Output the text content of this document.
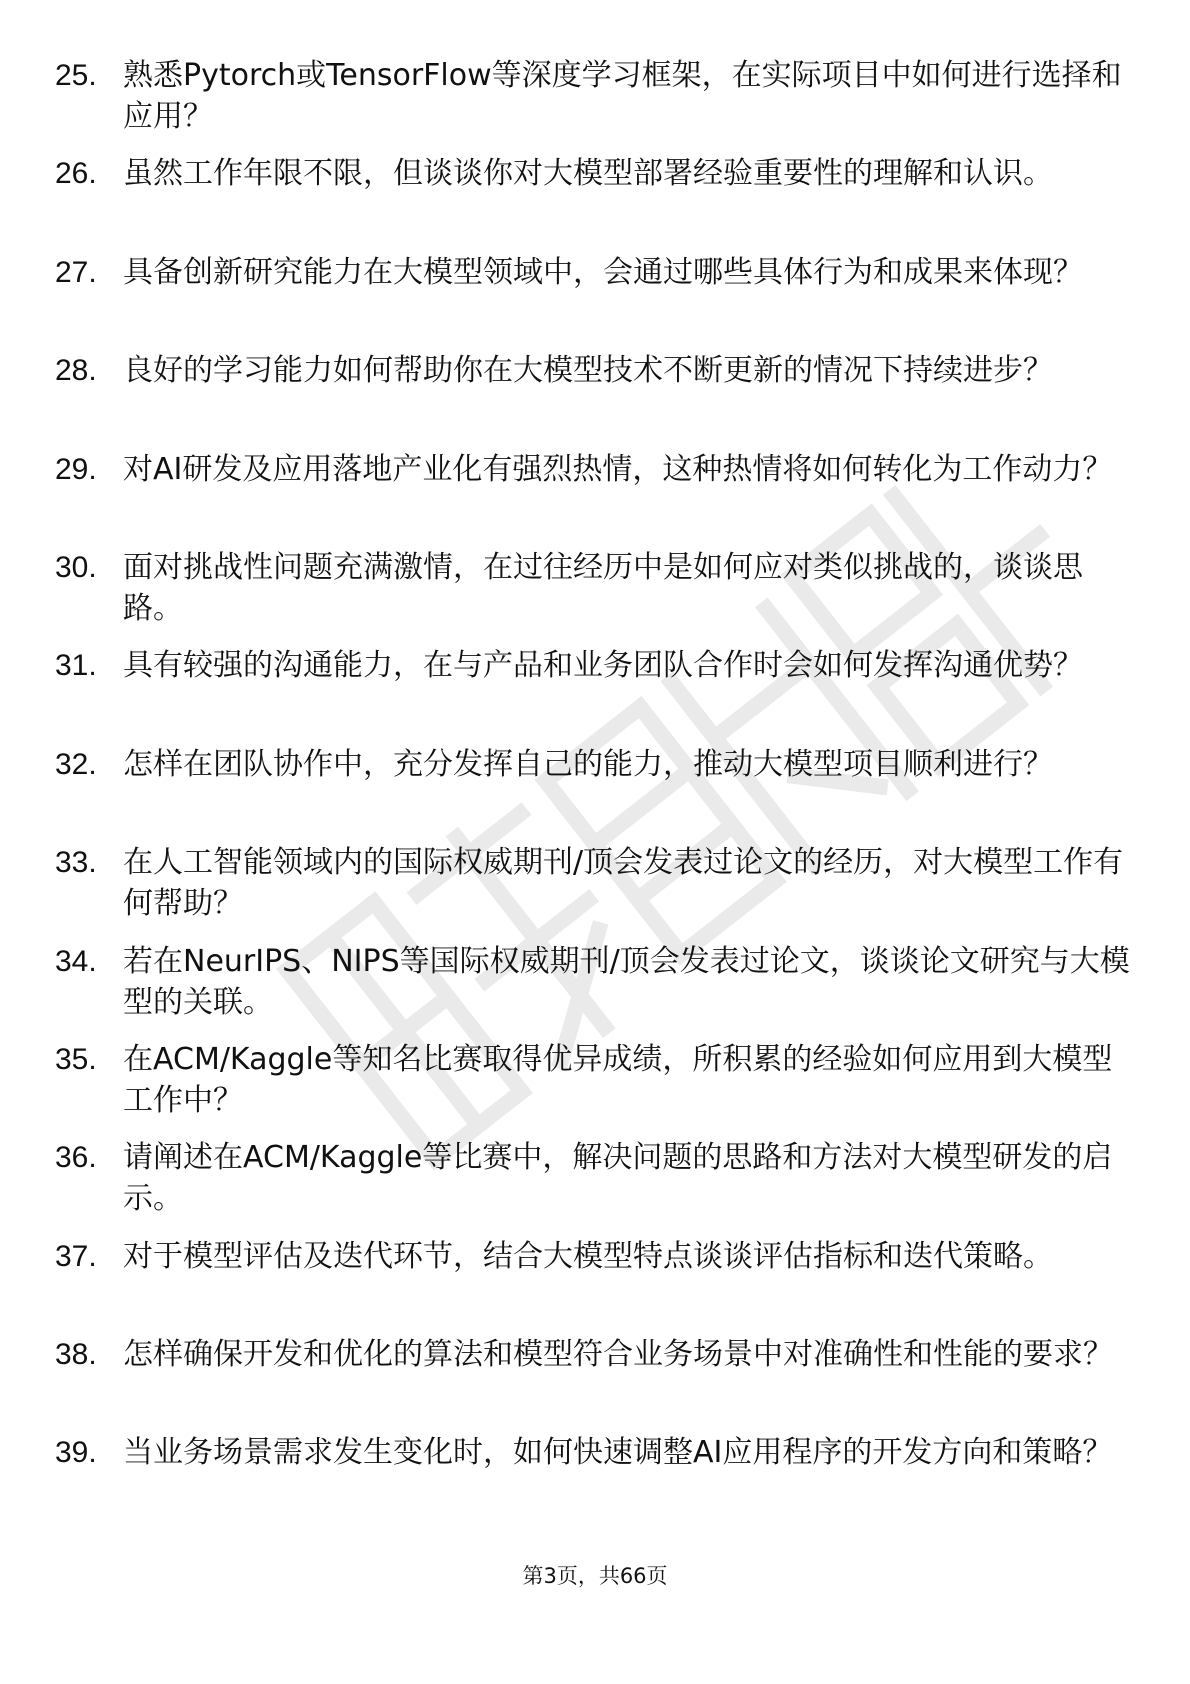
25. 熟悉Pytorch或TensorFlow等深度学习框架，在实际项目中如何进行选择和应用？
26. 虽然工作年限不限，但谈谈你对大模型部署经验重要性的理解和认识。
27. 具备创新研究能力在大模型领域中，会通过哪些具体行为和成果来体现？
28. 良好的学习能力如何帮助你在大模型技术不断更新的情况下持续进步？
29. 对AI研发及应用落地产业化有强烈热情，这种热情将如何转化为工作动力？
30. 面对挑战性问题充满激情，在过往经历中是如何应对类似挑战的，谈谈思路。
31. 具有较强的沟通能力，在与产品和业务团队合作时会如何发挥沟通优势？
32. 怎样在团队协作中，充分发挥自己的能力，推动大模型项目顺利进行？
33. 在人工智能领域内的国际权威期刊/顶会发表过论文的经历，对大模型工作有何帮助？
34. 若在NeurIPS、NIPS等国际权威期刊/顶会发表过论文，谈谈论文研究与大模型的关联。
35. 在ACM/Kaggle等知名比赛取得优异成绩，所积累的经验如何应用到大模型工作中？
36. 请阐述在ACM/Kaggle等比赛中，解决问题的思路和方法对大模型研发的启示。
37. 对于模型评估及迭代环节，结合大模型特点谈谈评估指标和迭代策略。
38. 怎样确保开发和优化的算法和模型符合业务场景中对准确性和性能的要求？
39. 当业务场景需求发生变化时，如何快速调整AI应用程序的开发方向和策略？
第3页，共66页
